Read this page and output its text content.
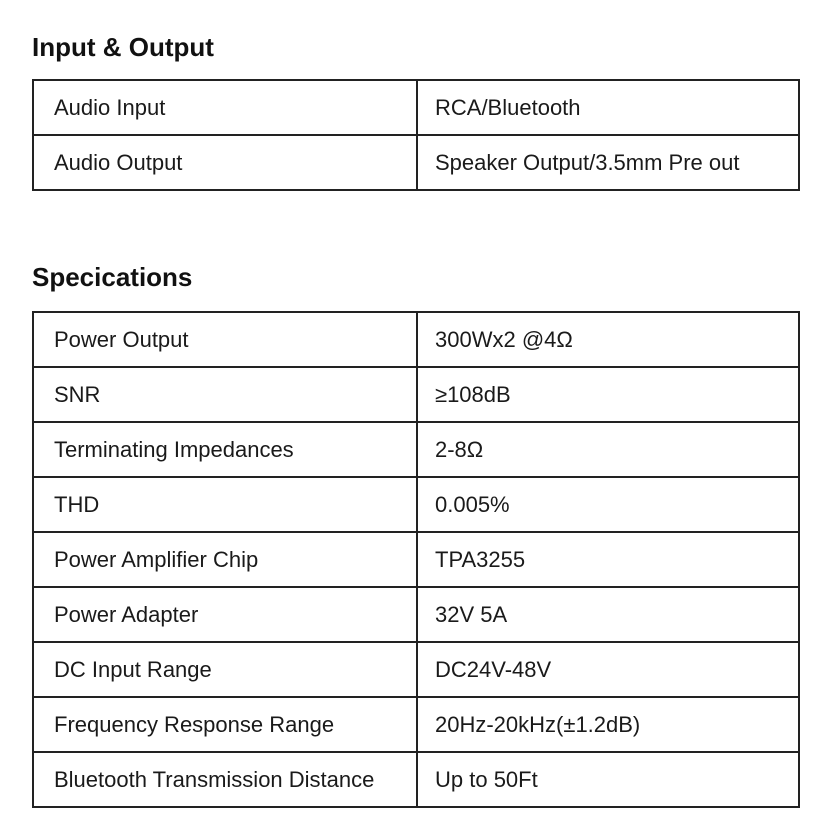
Input & Output
Audio Input	RCA/Bluetooth
Audio Output	Speaker Output/3.5mm Pre out
Specications
Power Output	300Wx2 @4Ω
SNR	≥108dB
Terminating Impedances	2-8Ω
THD	0.005%
Power Amplifier Chip	TPA3255
Power Adapter	32V 5A
DC Input Range	DC24V-48V
Frequency Response Range	20Hz-20kHz(±1.2dB)
Bluetooth Transmission Distance	Up to 50Ft
